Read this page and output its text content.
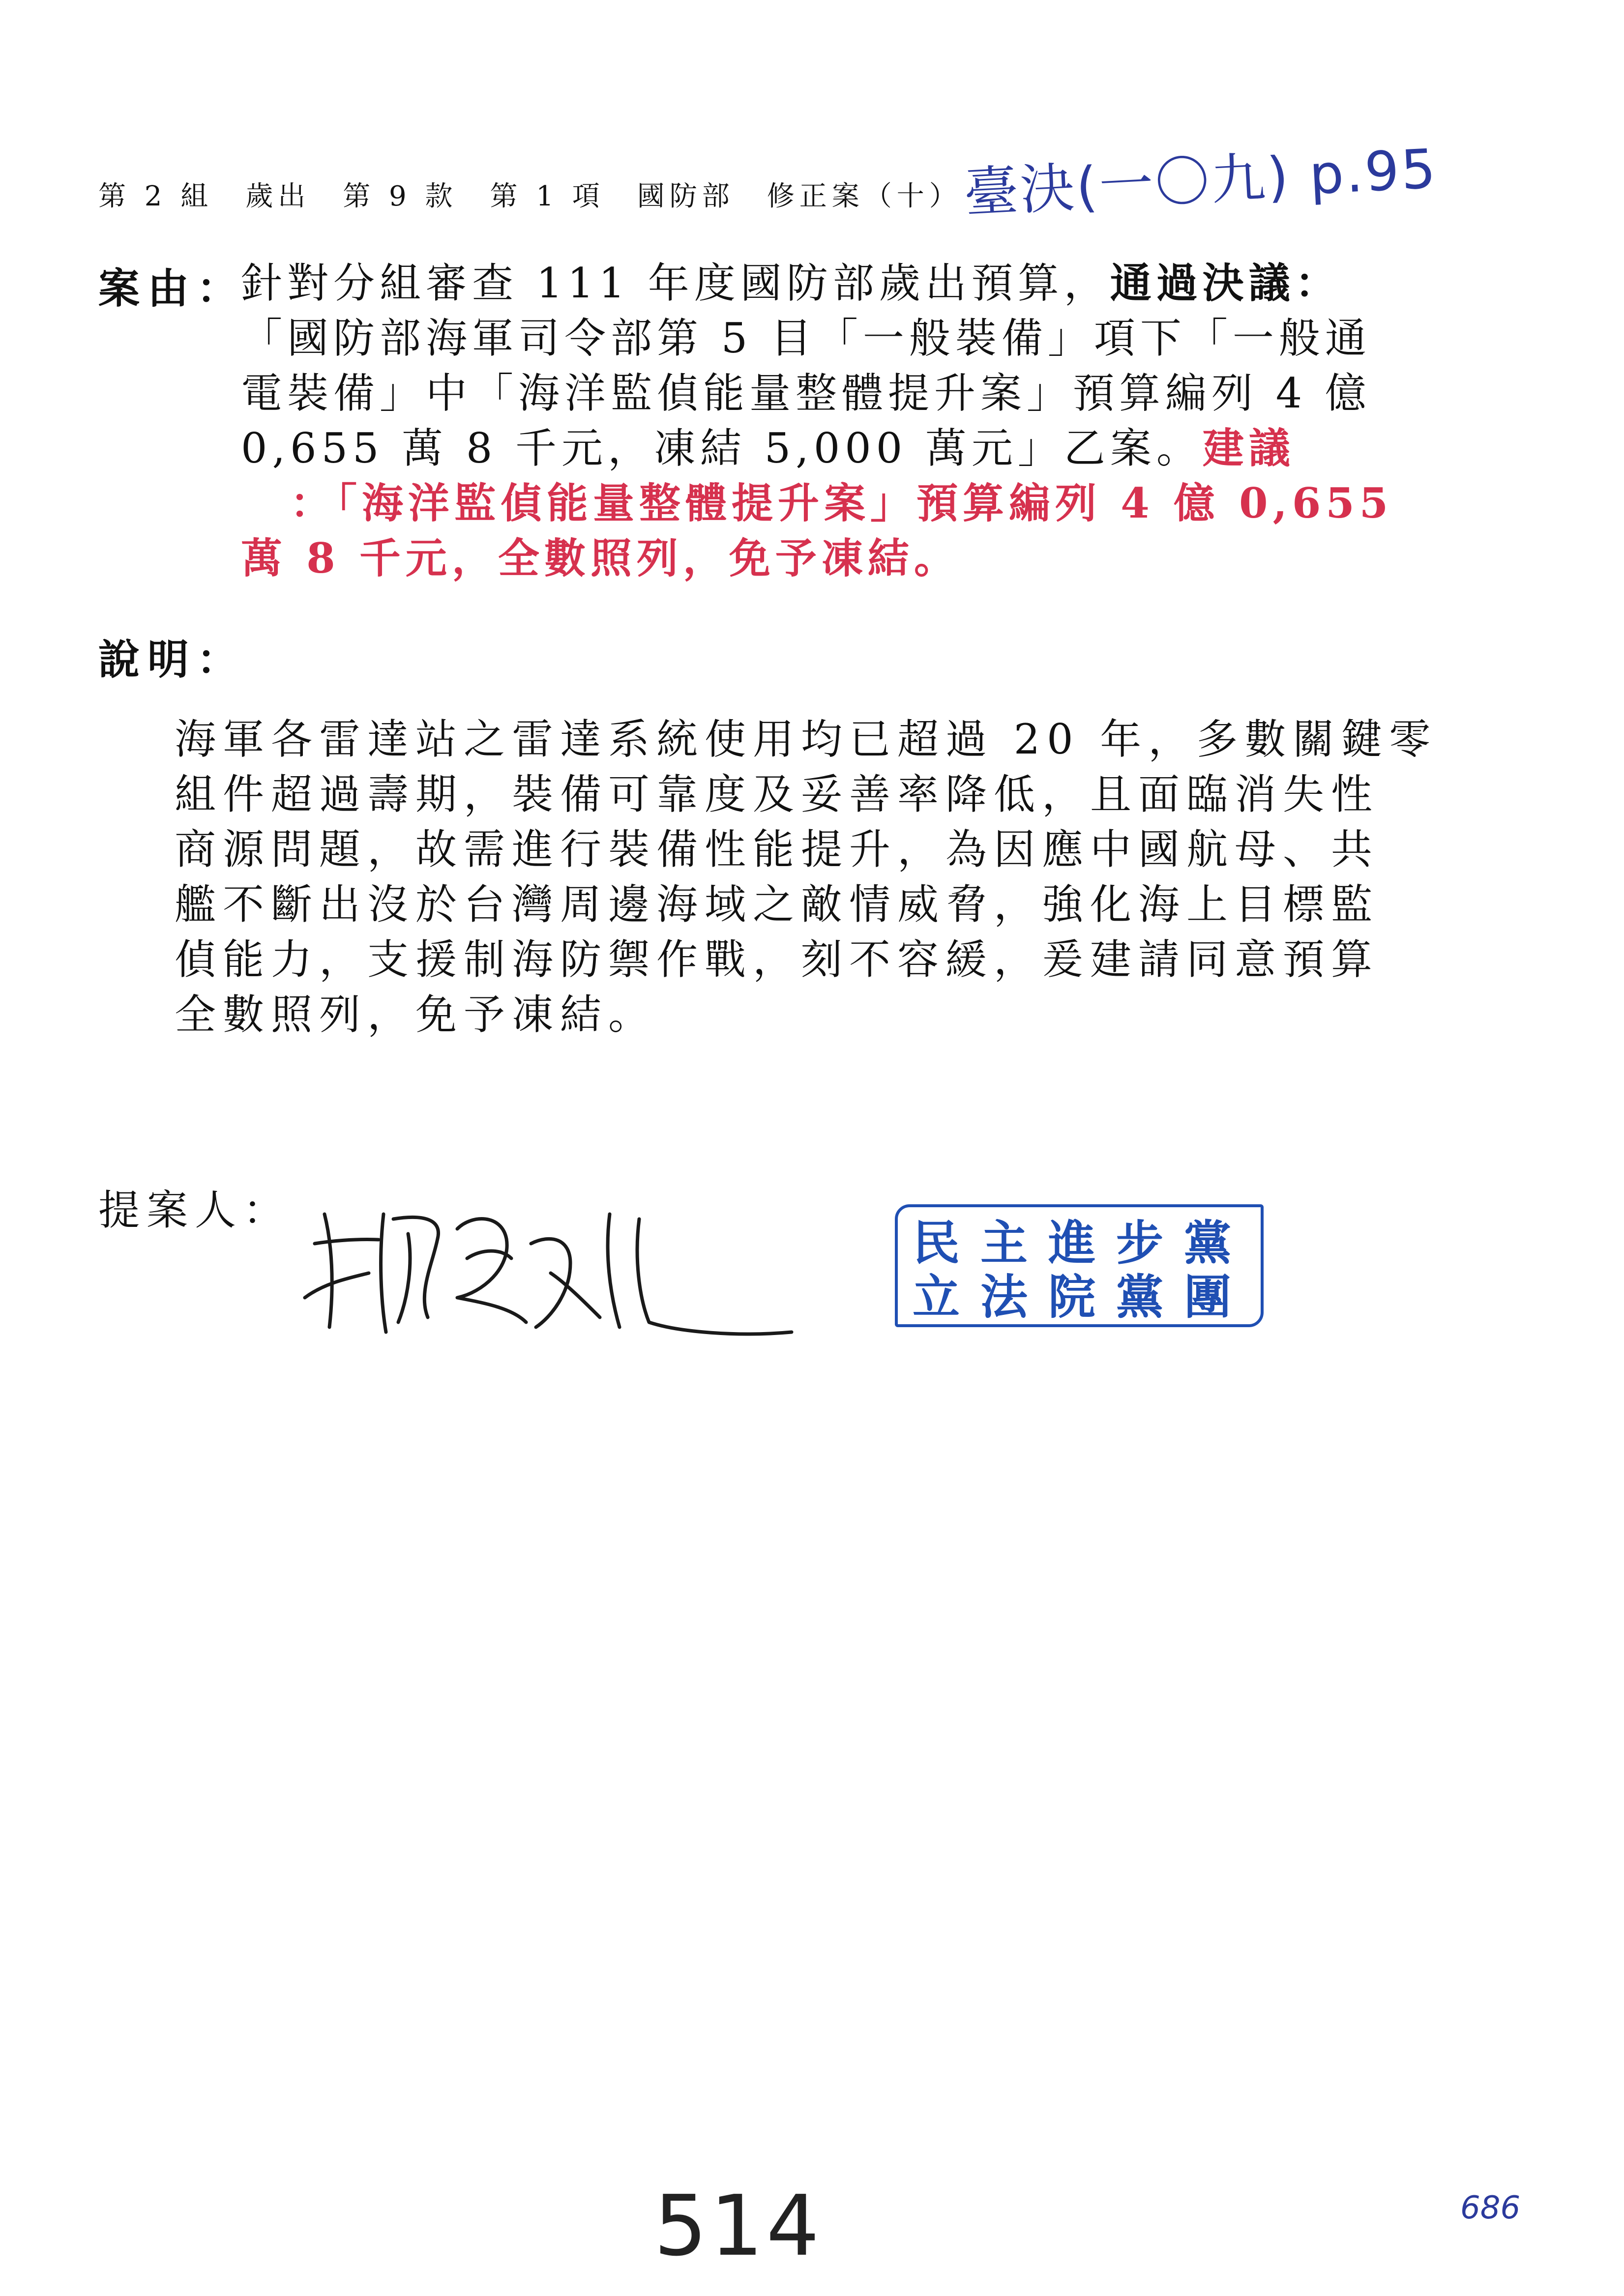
第 2 組　歲出　第 9 款　第 1 項　國防部　修正案（十） 臺決(一〇九) p.95
案由：
針對分組審查 111 年度國防部歲出預算，通過決議：
「國防部海軍司令部第 5 目「一般裝備」項下「一般通
電裝備」中「海洋監偵能量整體提升案」預算編列 4 億
0,655 萬 8 千元，凍結 5,000 萬元」乙案。建議
：「海洋監偵能量整體提升案」預算編列 4 億 0,655
萬 8 千元，全數照列，免予凍結。
說明：
海軍各雷達站之雷達系統使用均已超過 20 年，多數關鍵零
組件超過壽期，裝備可靠度及妥善率降低，且面臨消失性
商源問題，故需進行裝備性能提升，為因應中國航母、共
艦不斷出沒於台灣周邊海域之敵情威脅，強化海上目標監
偵能力，支援制海防禦作戰，刻不容緩，爰建請同意預算
全數照列，免予凍結。
提案人：
民主進步黨
立法院黨團
514	686
